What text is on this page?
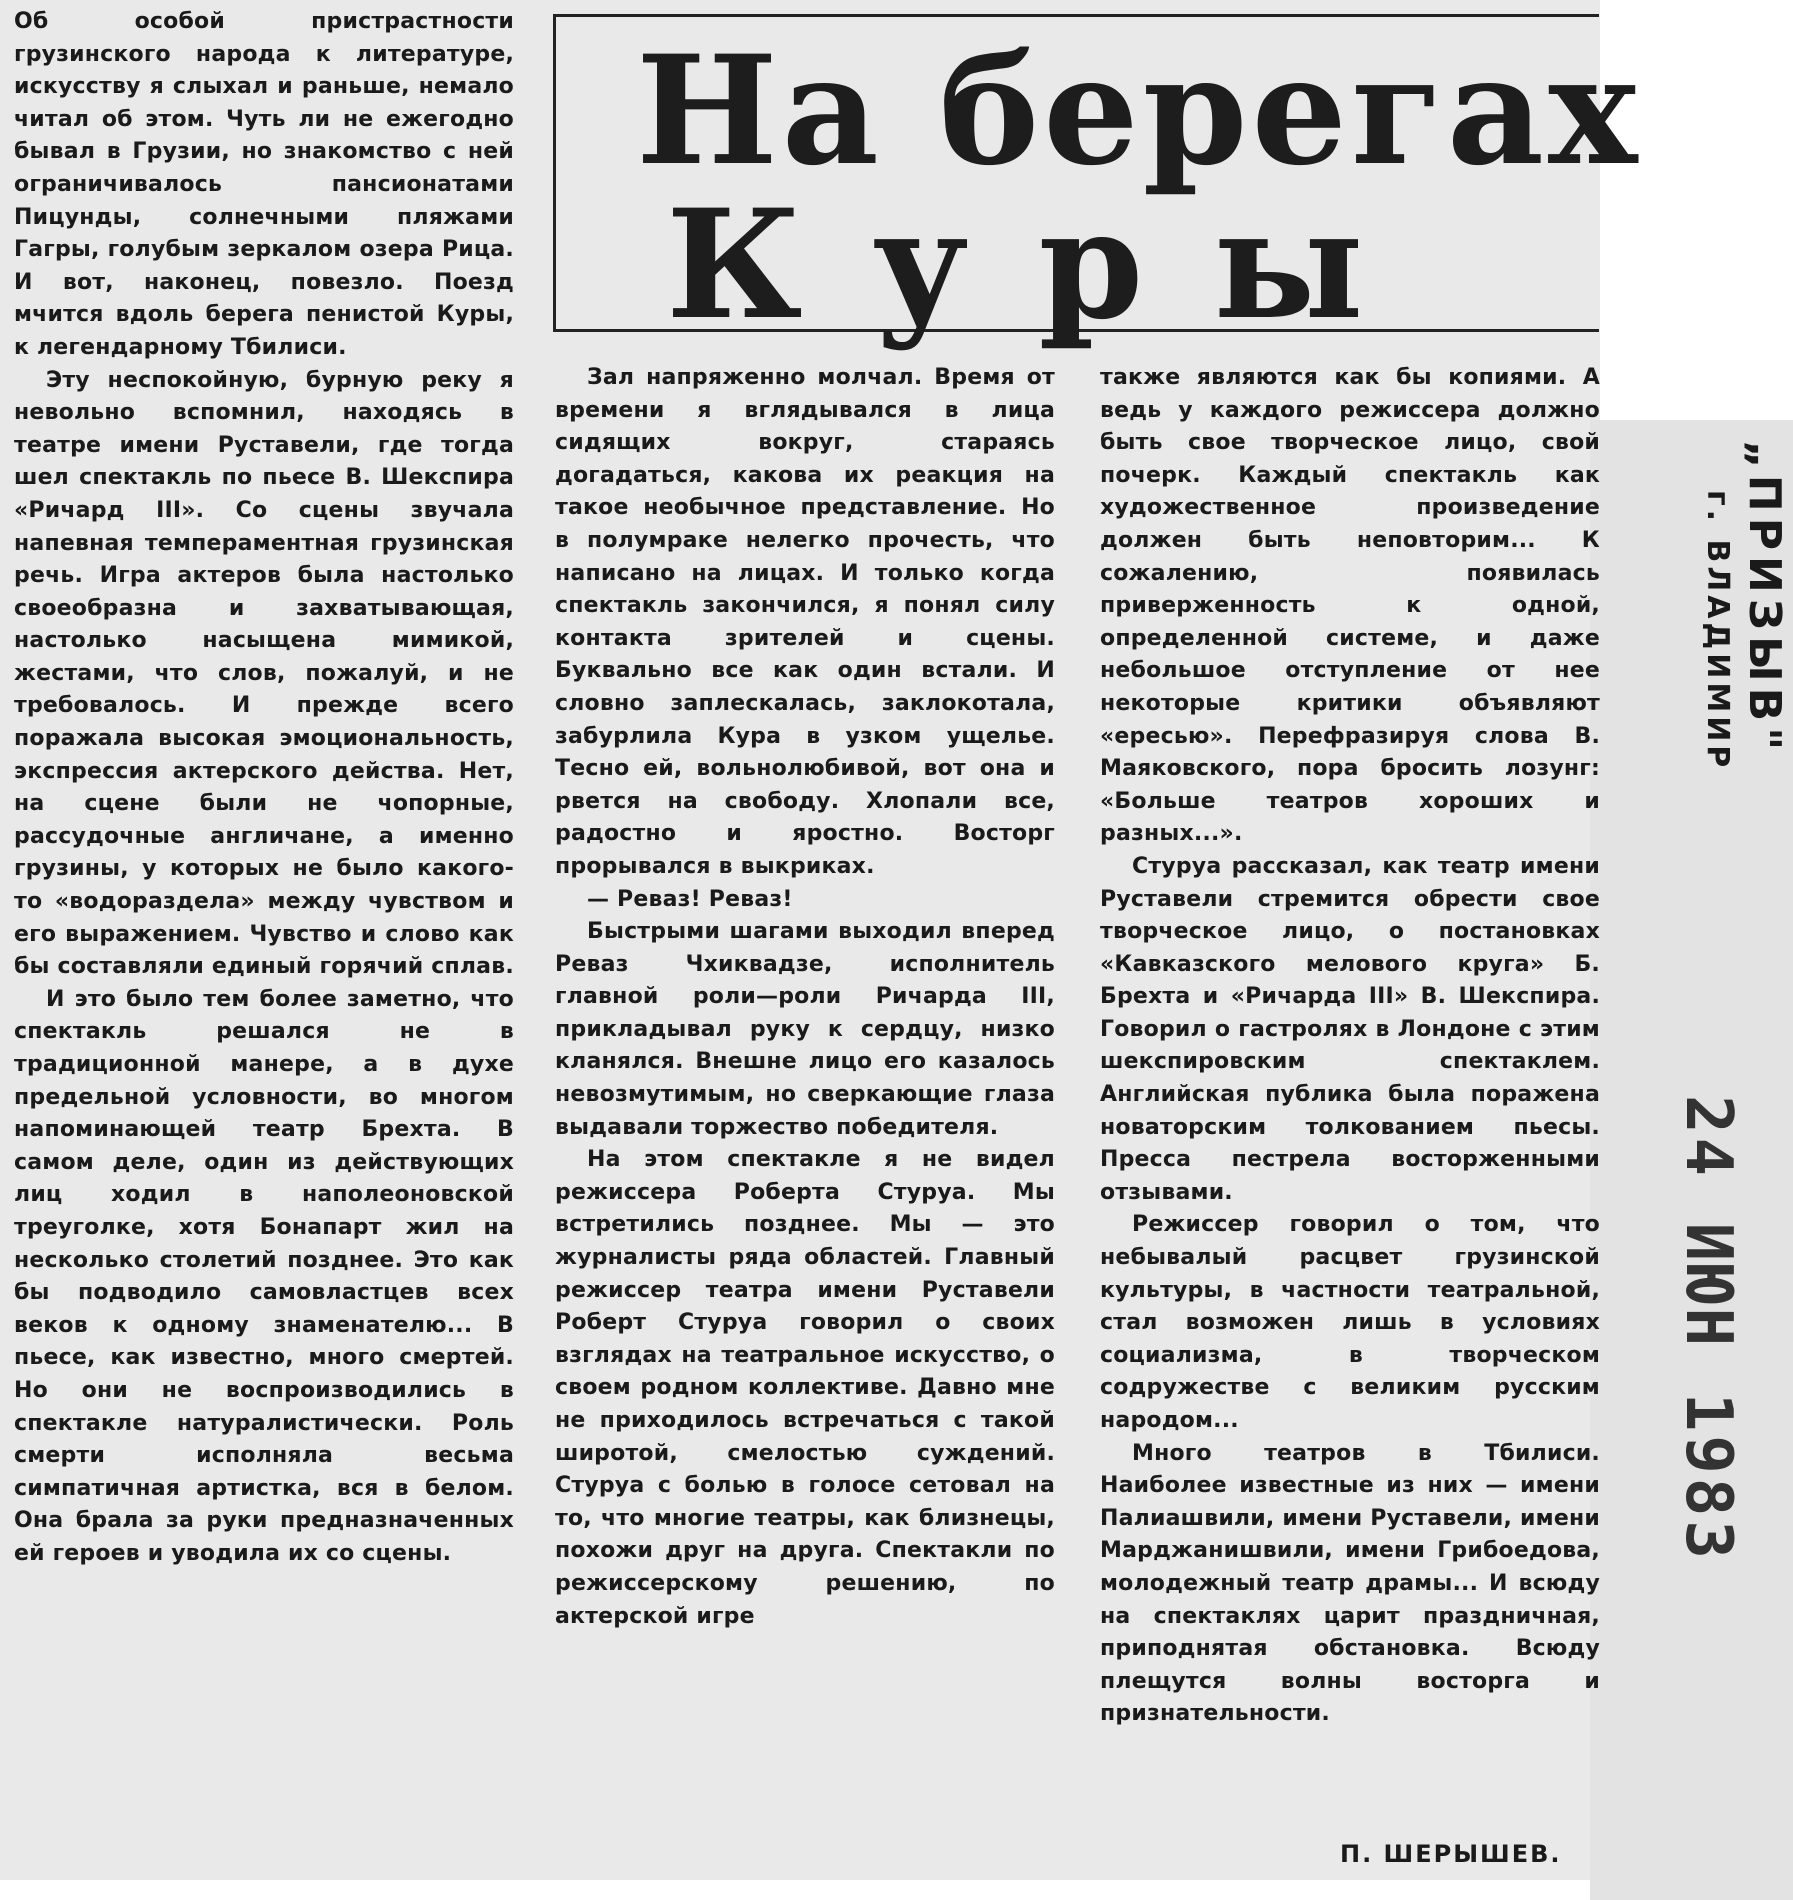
На берегах
Куры

Об особой пристрастности грузинского народа к литературе, искусству я слыхал и раньше, немало читал об этом. Чуть ли не ежегодно бывал в Грузии, но знакомство с ней ограничивалось пансионатами Пицунды, солнечными пляжами Гагры, голубым зеркалом озера Рица. И вот, наконец, повезло. Поезд мчится вдоль берега пенистой Куры, к легендарному Тбилиси.

Эту неспокойную, бурную реку я невольно вспомнил, находясь в театре имени Руставели, где тогда шел спектакль по пьесе В. Шекспира «Ричард III». Со сцены звучала напевная темпераментная грузинская речь. Игра актеров была настолько своеобразна и захватывающая, настолько насыщена мимикой, жестами, что слов, пожалуй, и не требовалось. И прежде всего поражала высокая эмоциональность, экспрессия актерского действа. Нет, на сцене были не чопорные, рассудочные англичане, а именно грузины, у которых не было какого-то «водораздела» между чувством и его выражением. Чувство и слово как бы составляли единый горячий сплав.

И это было тем более заметно, что спектакль решался не в традиционной манере, а в духе предельной условности, во многом напоминающей театр Брехта. В самом деле, один из действующих лиц ходил в наполеоновской треуголке, хотя Бонапарт жил на несколько столетий позднее. Это как бы подводило самовластцев всех веков к одному знаменателю... В пьесе, как известно, много смертей. Но они не воспроизводились в спектакле натуралистически. Роль смерти исполняла весьма симпатичная артистка, вся в белом. Она брала за руки предназначенных ей героев и уводила их со сцены.

Зал напряженно молчал. Время от времени я вглядывался в лица сидящих вокруг, стараясь догадаться, какова их реакция на такое необычное представление. Но в полумраке нелегко прочесть, что написано на лицах. И только когда спектакль закончился, я понял силу контакта зрителей и сцены. Буквально все как один встали. И словно заплескалась, заклокотала, забурлила Кура в узком ущелье. Тесно ей, вольнолюбивой, вот она и рвется на свободу. Хлопали все, радостно и яростно. Восторг прорывался в выкриках.

— Реваз! Реваз!

Быстрыми шагами выходил вперед Реваз Чхиквадзе, исполнитель главной роли—роли Ричарда III, прикладывал руку к сердцу, низко кланялся. Внешне лицо его казалось невозмутимым, но сверкающие глаза выдавали торжество победителя.

На этом спектакле я не видел режиссера Роберта Стуруа. Мы встретились позднее. Мы — это журналисты ряда областей. Главный режиссер театра имени Руставели Роберт Стуруа говорил о своих взглядах на театральное искусство, о своем родном коллективе. Давно мне не приходилось встречаться с такой широтой, смелостью суждений. Стуруа с болью в голосе сетовал на то, что многие театры, как близнецы, похожи друг на друга. Спектакли по режиссерскому решению, по актерской игре

также являются как бы копиями. А ведь у каждого режиссера должно быть свое творческое лицо, свой почерк. Каждый спектакль как художественное произведение должен быть неповторим... К сожалению, появилась приверженность к одной, определенной системе, и даже небольшое отступление от нее некоторые критики объявляют «ересью». Перефразируя слова В. Маяковского, пора бросить лозунг: «Больше театров хороших и разных...».

Стуруа рассказал, как театр имени Руставели стремится обрести свое творческое лицо, о постановках «Кавказского мелового круга» Б. Брехта и «Ричарда III» В. Шекспира. Говорил о гастролях в Лондоне с этим шекспировским спектаклем. Английская публика была поражена новаторским толкованием пьесы. Пресса пестрела восторженными отзывами.

Режиссер говорил о том, что небывалый расцвет грузинской культуры, в частности театральной, стал возможен лишь в условиях социализма, в творческом содружестве с великим русским народом...

Много театров в Тбилиси. Наиболее известные из них — имени Палиашвили, имени Руставели, имени Марджанишвили, имени Грибоедова, молодежный театр драмы... И всюду на спектаклях царит праздничная, приподнятая обстановка. Всюду плещутся волны восторга и признательности.

П. ШЕРЫШЕВ.
„ПРИЗЫВ"
г. ВЛАДИМИР
24 ИЮН 1983
